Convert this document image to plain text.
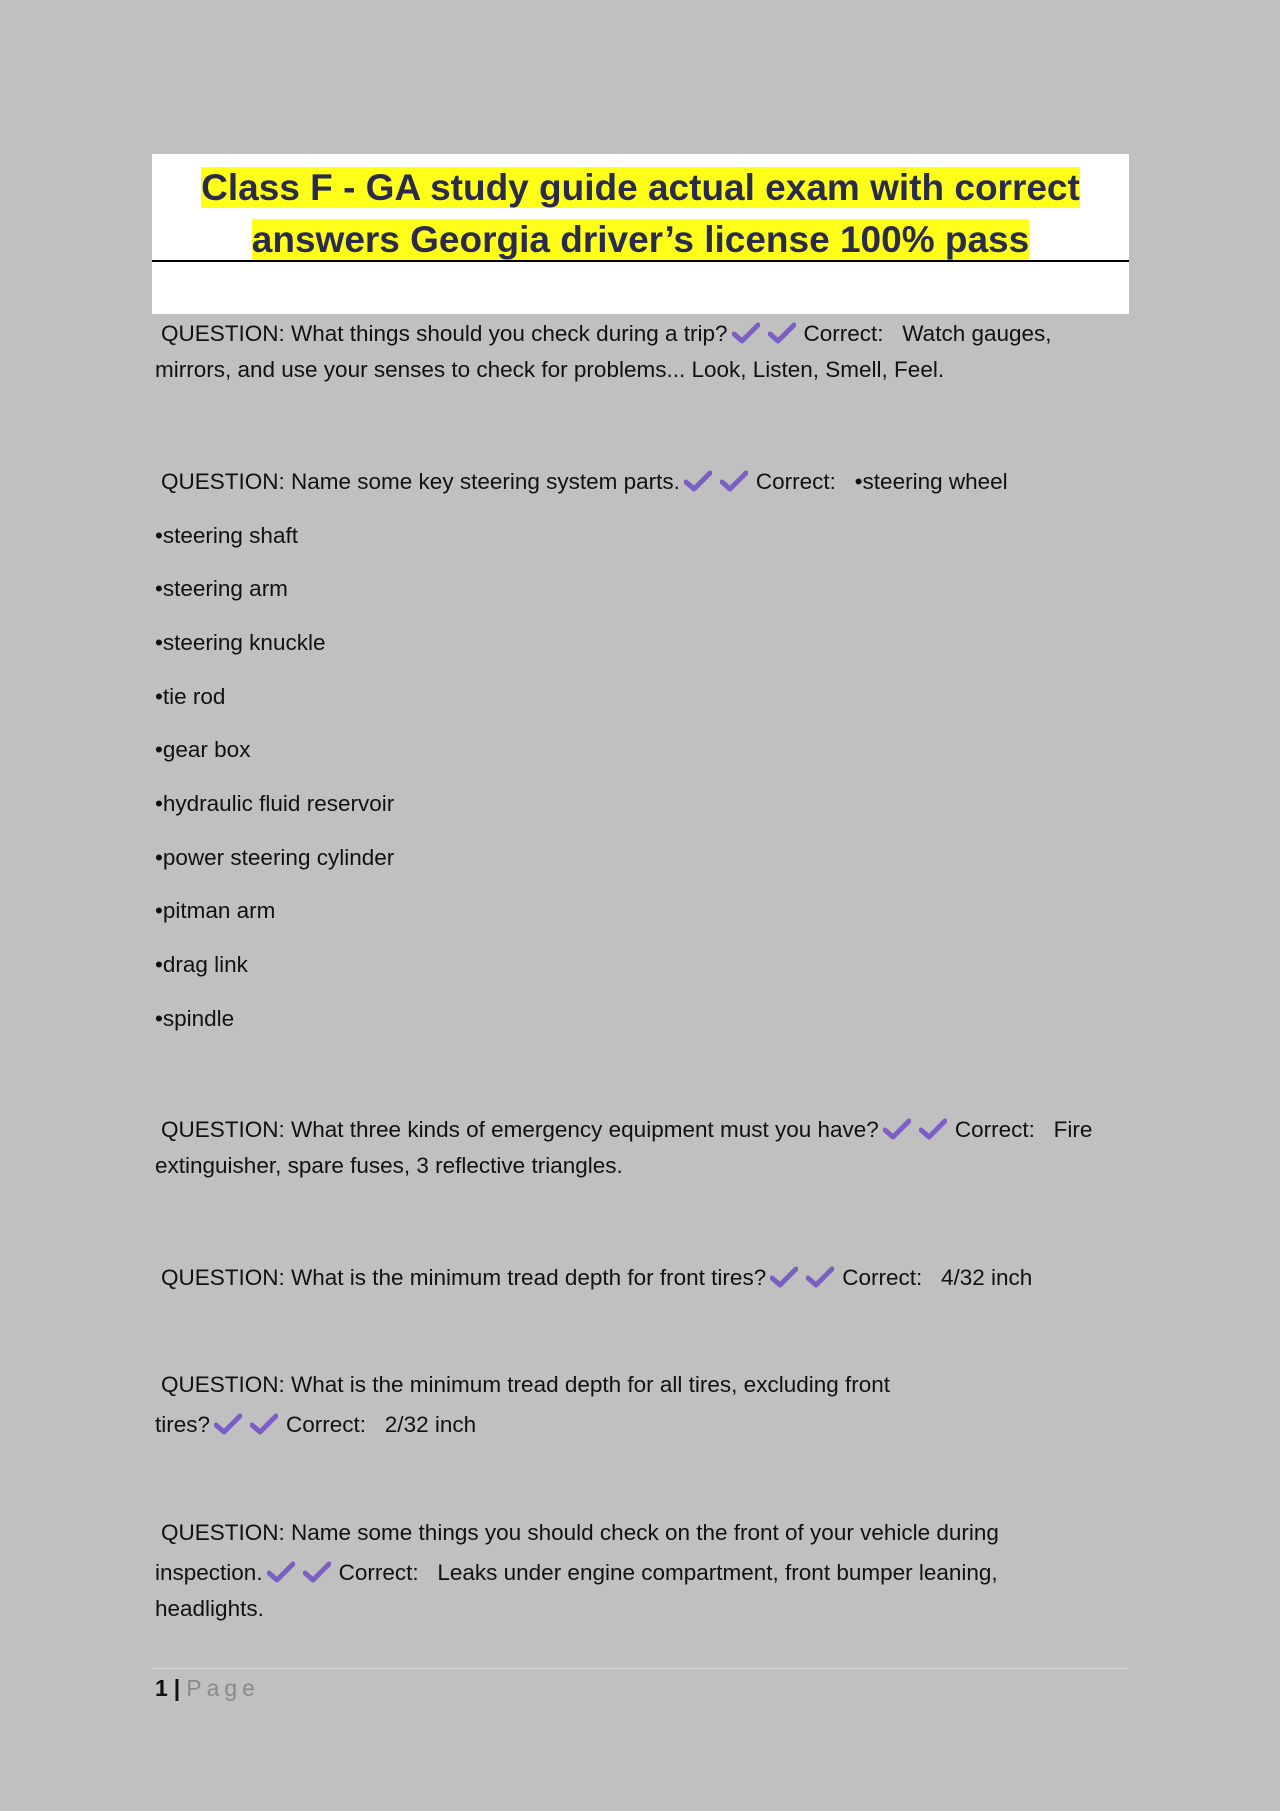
Class F - GA study guide actual exam with correct
answers Georgia driver’s license 100% pass
QUESTION: What things should you check during a trip?	Correct:   Watch gauges,
mirrors, and use your senses to check for problems... Look, Listen, Smell, Feel.
QUESTION: Name some key steering system parts.	Correct:   •steering wheel
•steering shaft
•steering arm
•steering knuckle
•tie rod
•gear box
•hydraulic fluid reservoir
•power steering cylinder
•pitman arm
•drag link
•spindle
QUESTION: What three kinds of emergency equipment must you have?	Correct:   Fire
extinguisher, spare fuses, 3 reflective triangles.
QUESTION: What is the minimum tread depth for front tires?	Correct:   4/32 inch
QUESTION: What is the minimum tread depth for all tires, excluding front
tires?	Correct:   2/32 inch
QUESTION: Name some things you should check on the front of your vehicle during
inspection.	Correct:   Leaks under engine compartment, front bumper leaning,
headlights.
1 | Page
